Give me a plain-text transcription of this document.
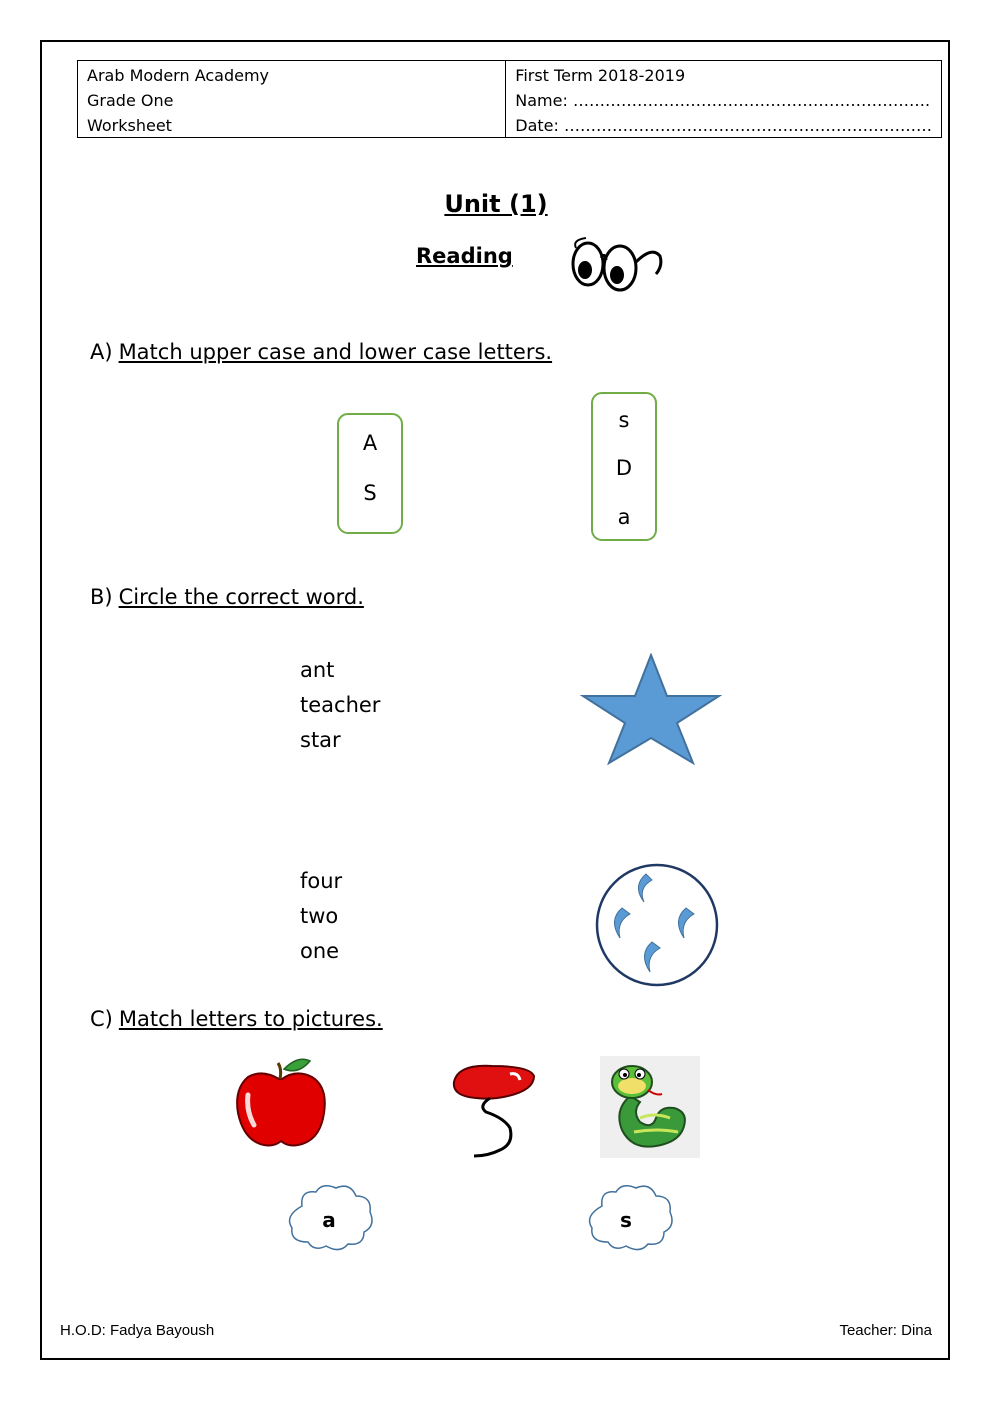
Arab Modern Academy
Grade One
Worksheet
First Term 2018-2019
Name: ………………………………………………………….
Date: ……………………………………………………………
Unit (1)
Reading
A) Match upper case and lower case letters.
A
S
s
D
a
B) Circle the correct word.
ant
teacher
star
four
two
one
C) Match letters to pictures.
a	s
H.O.D: Fadya Bayoush	Teacher: Dina
